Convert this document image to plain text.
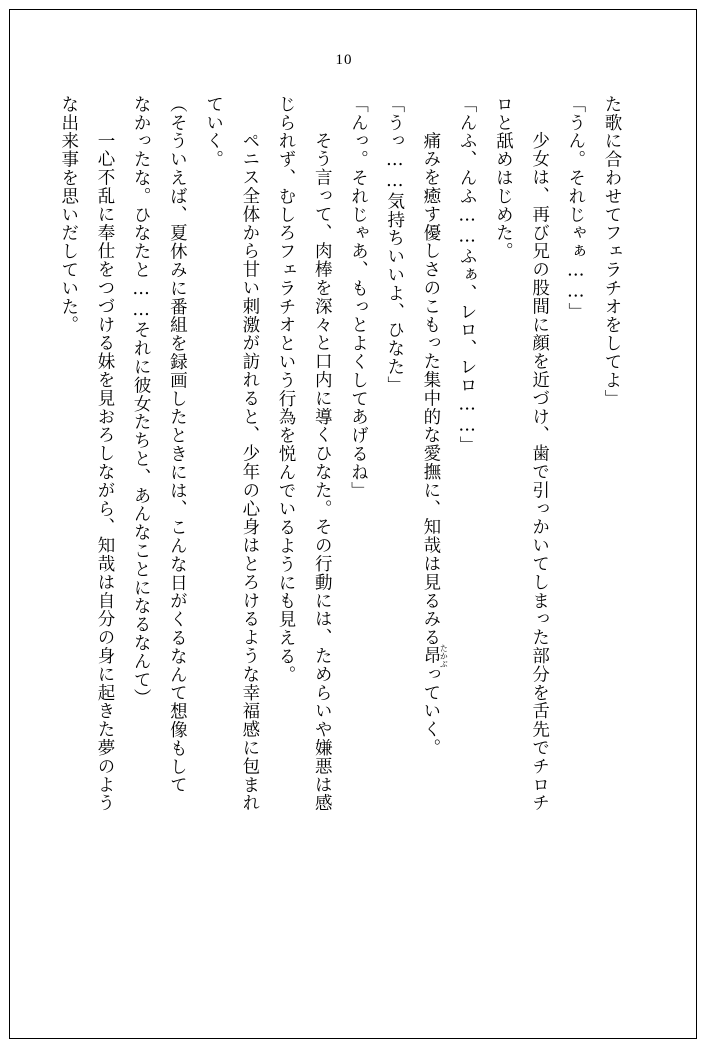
10

た歌に合わせてフェラチオをしてよ」

「うん。それじゃぁ……」

　少女は、再び兄の股間に顔を近づけ、歯で引っかいてしまった部分を舌先でチロチ

ロと舐めはじめた。

「んふ、んふ……ふぁ、レロ、レロ……」

　痛みを癒す優しさのこもった集中的な愛撫に、知哉は見るみる昂たかぶっていく。

「うっ……気持ちいいよ、ひなた」

「んっ。それじゃあ、もっとよくしてあげるね」

　そう言って、肉棒を深々と口内に導くひなた。その行動には、ためらいや嫌悪は感

じられず、むしろフェラチオという行為を悦んでいるようにも見える。

　ペニス全体から甘い刺激が訪れると、少年の心身はとろけるような幸福感に包まれ

ていく。

（そういえば、夏休みに番組を録画したときには、こんな日がくるなんて想像もして

なかったな。ひなたと……それに彼女たちと、あんなことになるなんて）

　一心不乱に奉仕をつづける妹を見おろしながら、知哉は自分の身に起きた夢のよう

な出来事を思いだしていた。
